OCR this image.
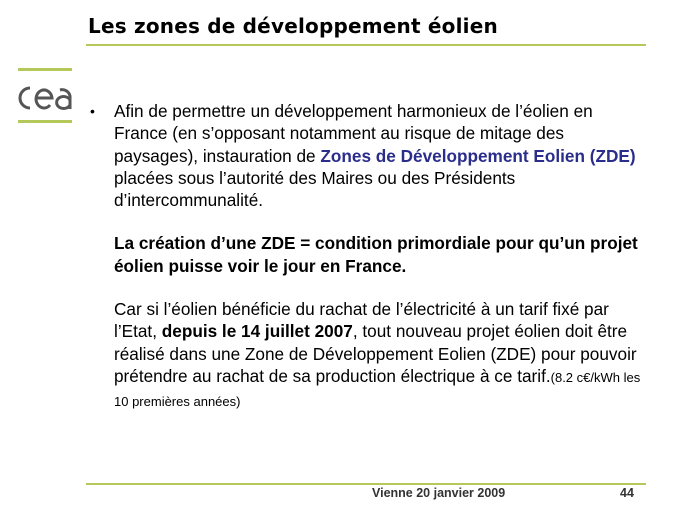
Les zones de développement éolien
•	Afin de permettre un développement harmonieux de l’éolien en France (en s’opposant notamment au risque de mitage des paysages), instauration de Zones de Développement Eolien (ZDE) placées sous l’autorité des Maires ou des Présidents d’intercommunalité.

La création d’une ZDE = condition primordiale pour qu’un projet éolien puisse voir le jour en France.

Car si l’éolien bénéficie du rachat de l’électricité à un tarif fixé par l’Etat, depuis le 14 juillet 2007, tout nouveau projet éolien doit être réalisé dans une Zone de Développement Eolien (ZDE) pour pouvoir prétendre au rachat de sa production électrique à ce tarif.(8.2 c€/kWh les 10 premières années)

Vienne 20 janvier 2009	44
